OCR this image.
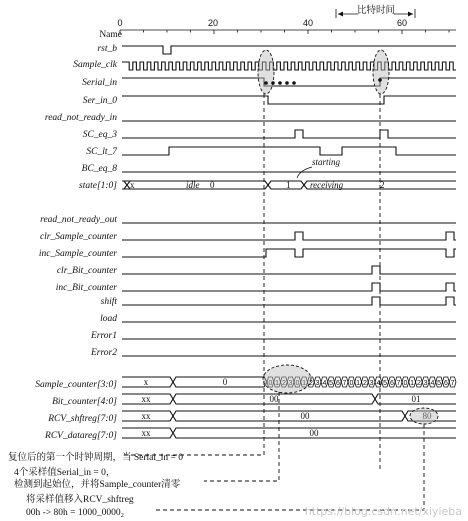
Name
0	20	40	60
比特时间
rst_b
Sample_clk
Serial_in
Ser_in_0
read_not_ready_in
SC_eq_3
SC_lt_7
BC_eq_8
state[1:0]
read_not_ready_out
clr_Sample_counter
inc_Sample_counter
clr_Bit_counter
inc_Bit_counter
shift
load
Error1
Error2
Sample_counter[3:0]
Bit_counter[4:0]
RCV_shftreg[7:0]
RCV_datareg[7:0]
x	idle 0	1 receiving	2
starting
0 1 2 3 0 1 2 3 4 5 6 7 0 1 2 3 4 5 6 7 0 1 2 3 4 5 6 7
x	0
xx	00	01
xx	00	80
xx	00
复位后的第一个时钟周期，当 Serial_in = 0
4个采样值Serial_in = 0，
检测到起始位，并将Sample_counter清零
将采样值移入RCV_shftreg
00h -> 80h = 1000_0000₂	https://blog.csdn.net/xiyieba
